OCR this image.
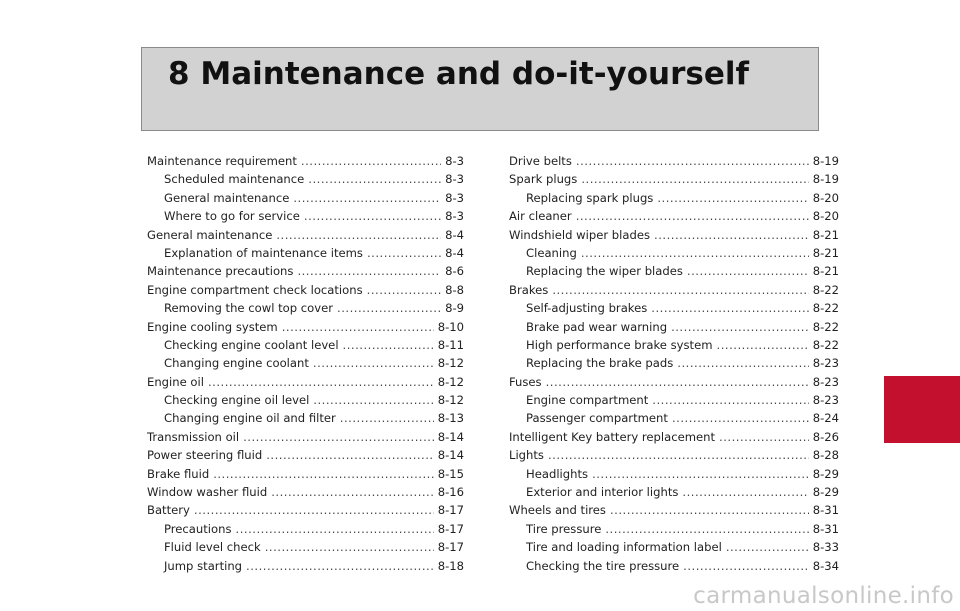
8 Maintenance and do-it-yourself
Maintenance requirement .....	8-3
Scheduled maintenance .....	8-3
General maintenance .....	8-3
Where to go for service .....	8-3
General maintenance .....	8-4
Explanation of maintenance items .....	8-4
Maintenance precautions .....	8-6
Engine compartment check locations .....	8-8
Removing the cowl top cover .....	8-9
Engine cooling system .....	8-10
Checking engine coolant level .....	8-11
Changing engine coolant .....	8-12
Engine oil .....	8-12
Checking engine oil level .....	8-12
Changing engine oil and filter .....	8-13
Transmission oil .....	8-14
Power steering fluid .....	8-14
Brake fluid .....	8-15
Window washer fluid .....	8-16
Battery .....	8-17
Precautions .....	8-17
Fluid level check .....	8-17
Jump starting .....	8-18
Drive belts .....	8-19
Spark plugs .....	8-19
Replacing spark plugs .....	8-20
Air cleaner .....	8-20
Windshield wiper blades .....	8-21
Cleaning .....	8-21
Replacing the wiper blades .....	8-21
Brakes .....	8-22
Self-adjusting brakes .....	8-22
Brake pad wear warning .....	8-22
High performance brake system .....	8-22
Replacing the brake pads .....	8-23
Fuses .....	8-23
Engine compartment .....	8-23
Passenger compartment .....	8-24
Intelligent Key battery replacement .....	8-26
Lights .....	8-28
Headlights .....	8-29
Exterior and interior lights .....	8-29
Wheels and tires .....	8-31
Tire pressure .....	8-31
Tire and loading information label .....	8-33
Checking the tire pressure .....	8-34
carmanualsonline.info
